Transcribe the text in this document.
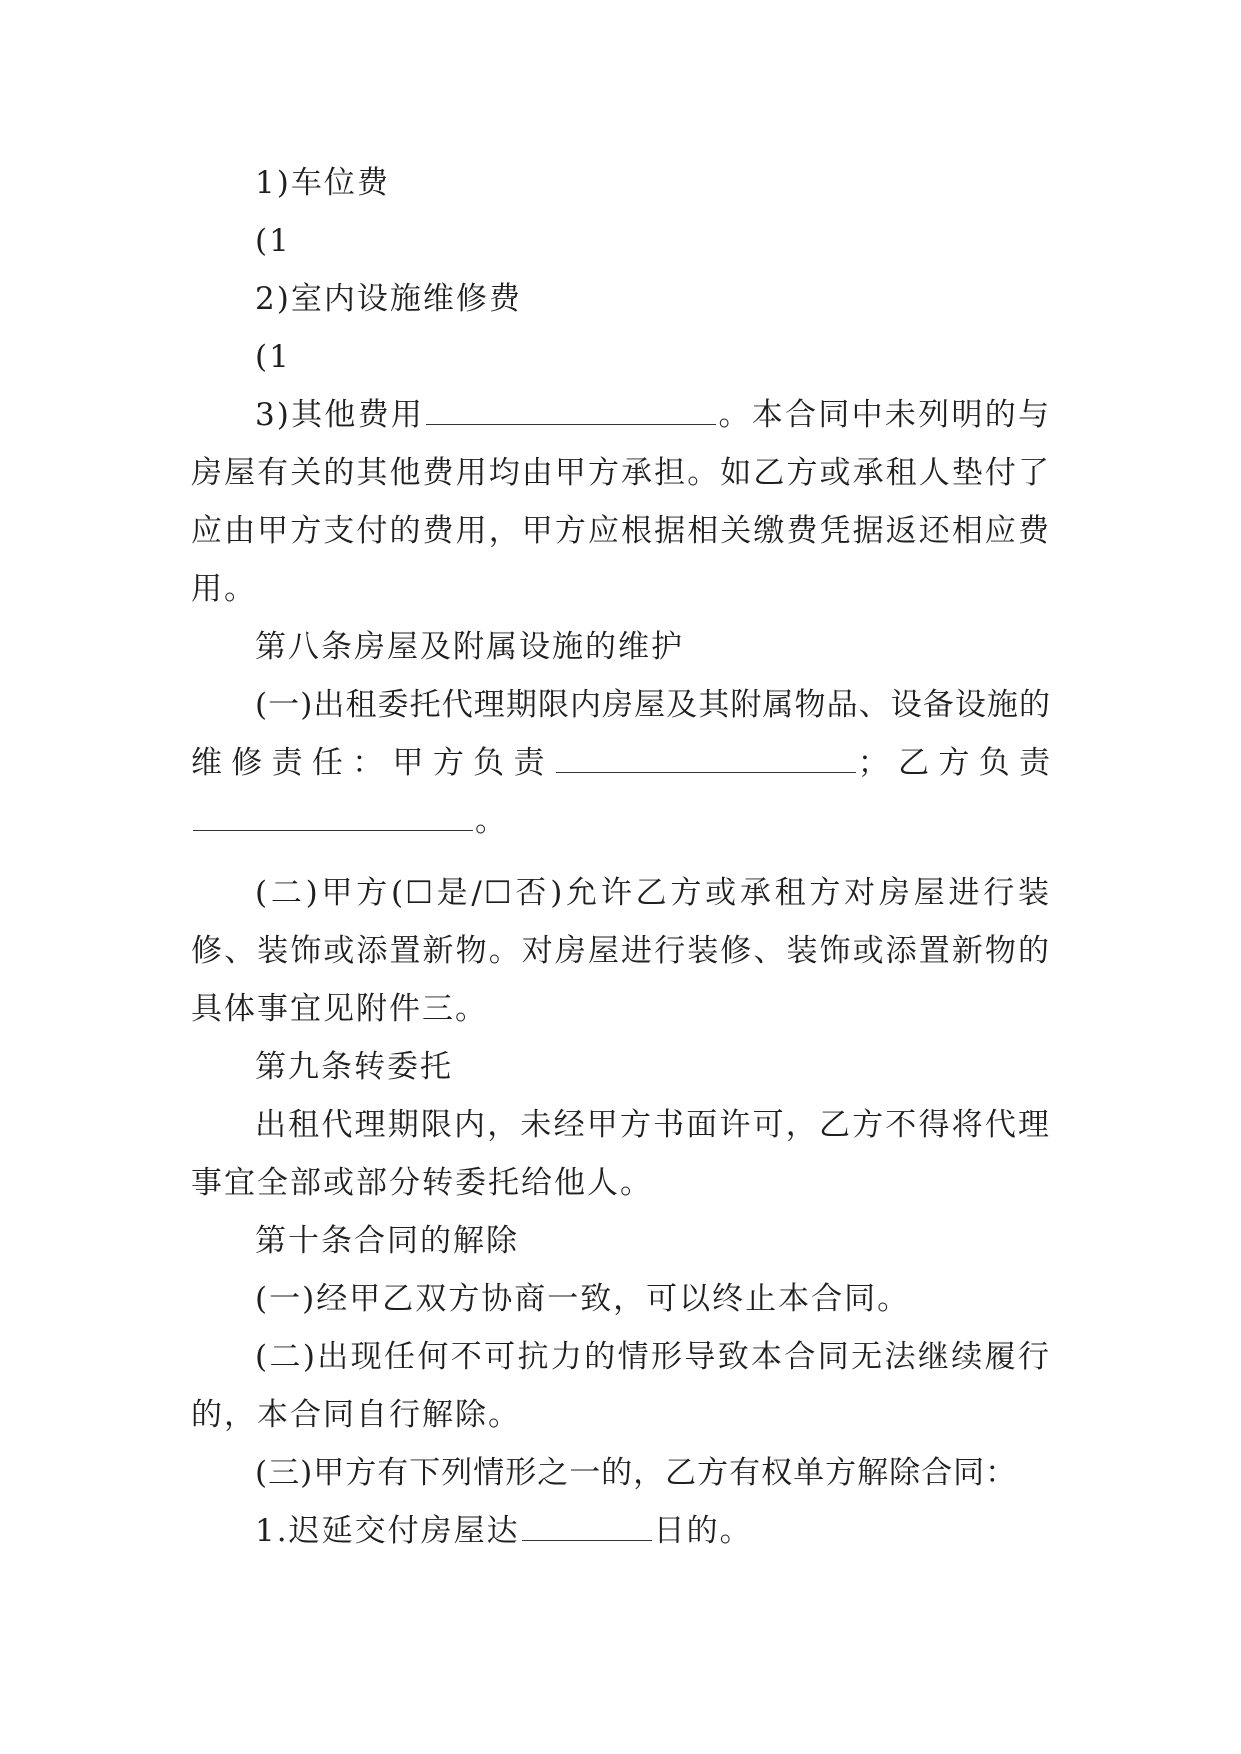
1)车位费

(1

2)室内设施维修费

(1

3)其他费用	。本合同中未列明的与房屋有关的其他费用均由甲方承担。如乙方或承租人垫付了应由甲方支付的费用，甲方应根据相关缴费凭据返还相应费用。

第八条房屋及附属设施的维护

(一)出租委托代理期限内房屋及其附属物品、设备设施的维修责任：甲方负责	；乙方负责。

(二)甲方(☐是/☐否)允许乙方或承租方对房屋进行装修、装饰或添置新物。对房屋进行装修、装饰或添置新物的具体事宜见附件三。

第九条转委托

出租代理期限内，未经甲方书面许可，乙方不得将代理事宜全部或部分转委托给他人。

第十条合同的解除

(一)经甲乙双方协商一致，可以终止本合同。

(二)出现任何不可抗力的情形导致本合同无法继续履行的，本合同自行解除。

(三)甲方有下列情形之一的，乙方有权单方解除合同：

1.迟延交付房屋达	日的。
